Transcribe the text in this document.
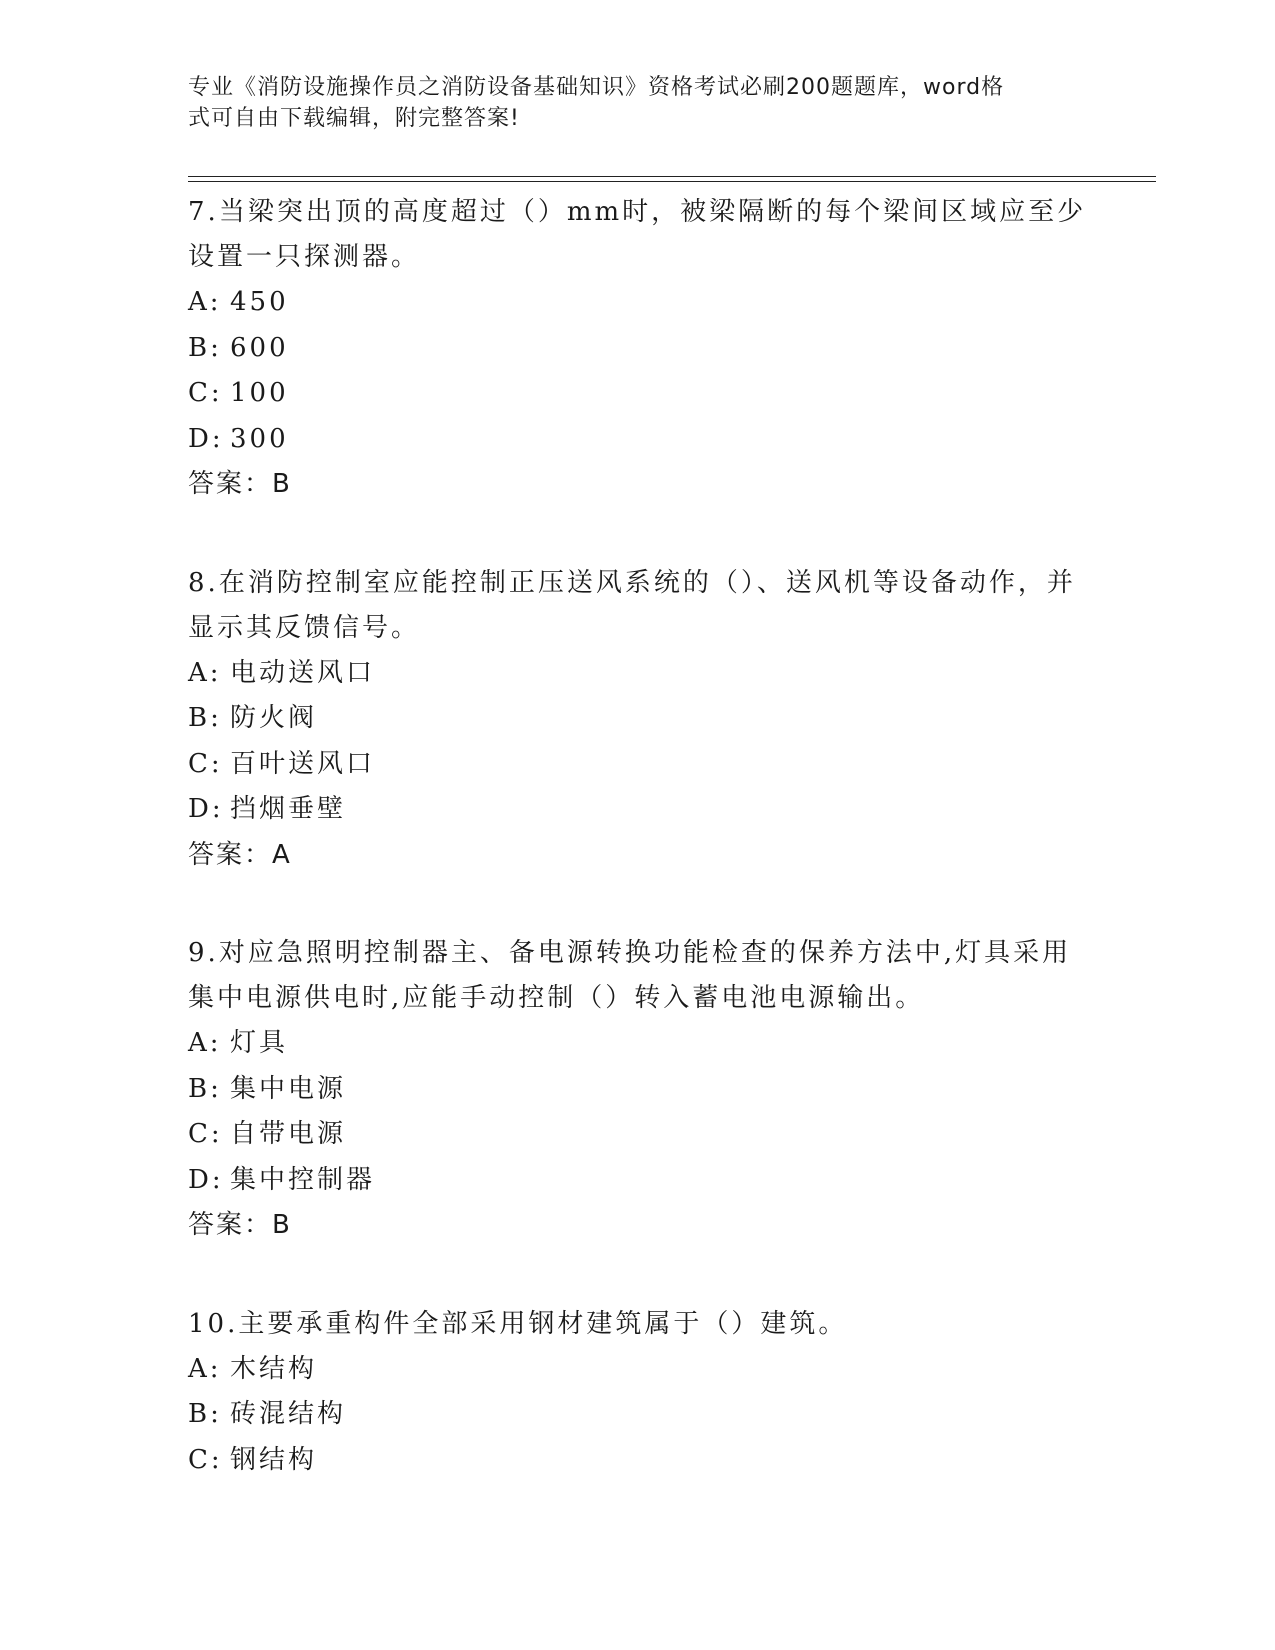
专业《消防设施操作员之消防设备基础知识》资格考试必刷200题题库，word格
式可自由下载编辑，附完整答案!
7.当梁突出顶的高度超过（）mm时，被梁隔断的每个梁间区域应至少设置一只探测器。
A: 450
B: 600
C: 100
D: 300
答案：B
8.在消防控制室应能控制正压送风系统的（）、送风机等设备动作，并显示其反馈信号。
A: 电动送风口
B: 防火阀
C: 百叶送风口
D: 挡烟垂壁
答案：A
9.对应急照明控制器主、备电源转换功能检查的保养方法中,灯具采用集中电源供电时,应能手动控制（）转入蓄电池电源输出。
A: 灯具
B: 集中电源
C: 自带电源
D: 集中控制器
答案：B
10.主要承重构件全部采用钢材建筑属于（）建筑。
A: 木结构
B: 砖混结构
C: 钢结构
